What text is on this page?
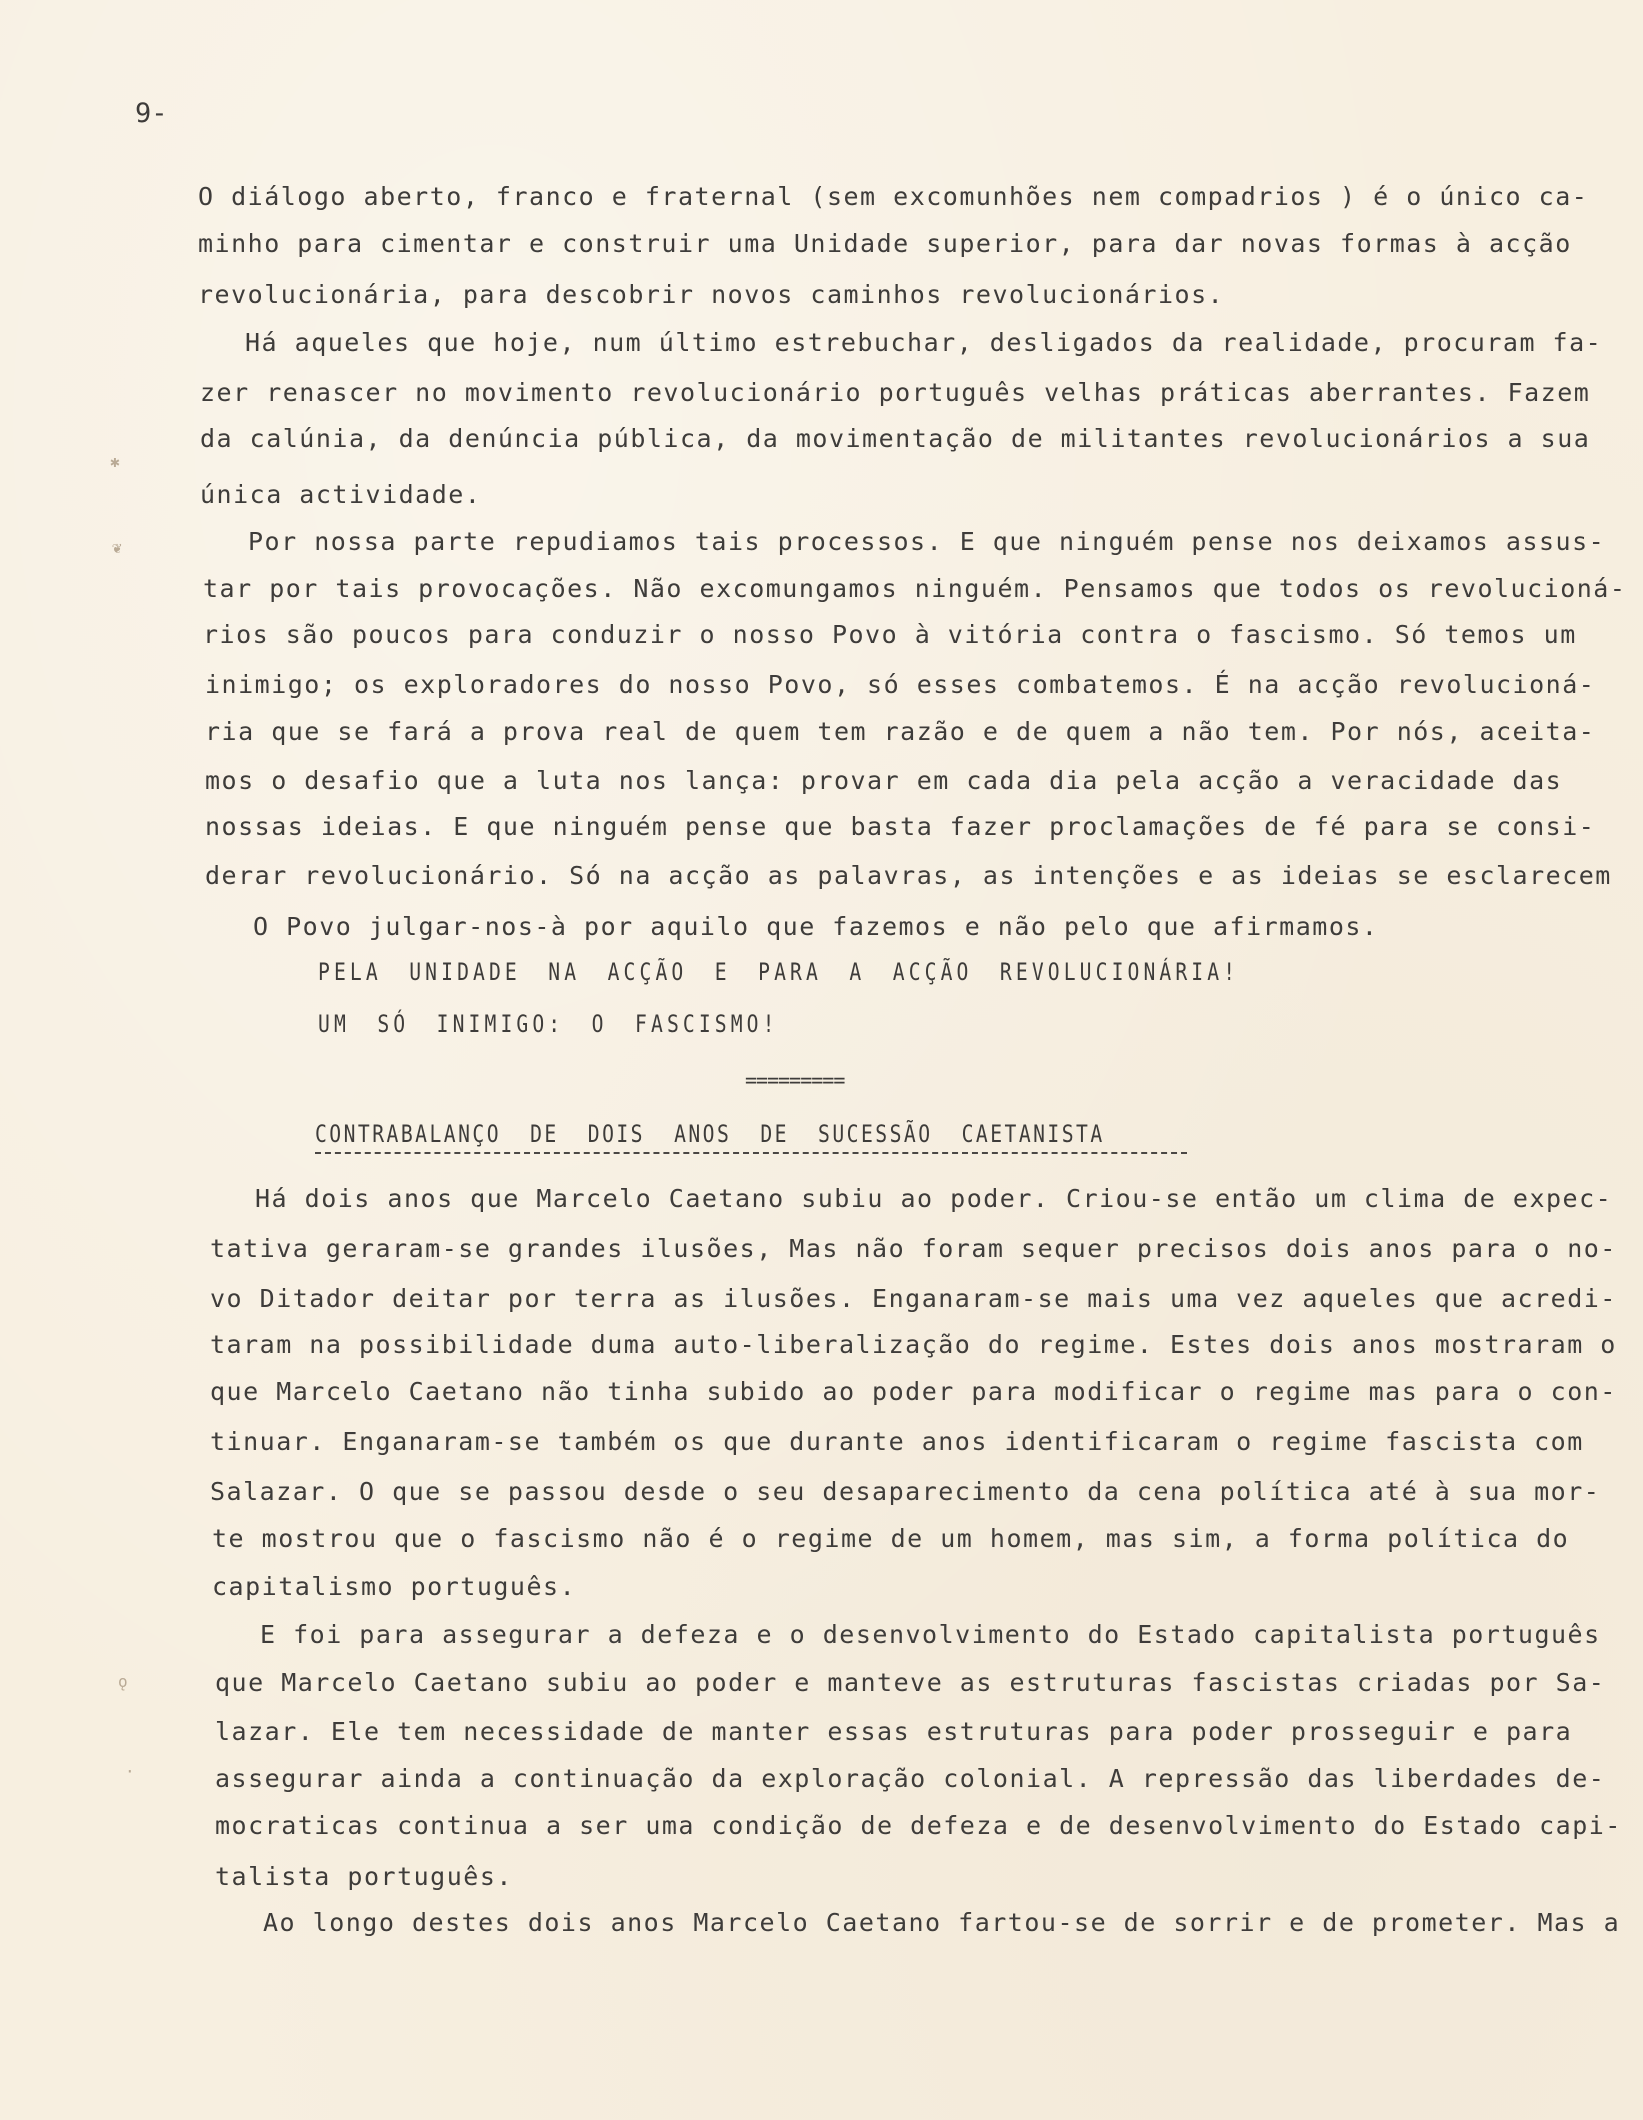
9-
O diálogo aberto, franco e fraternal (sem excomunhões nem compadrios ) é o único ca-
minho para cimentar e construir uma Unidade superior, para dar novas formas à acção
revolucionária, para descobrir novos caminhos revolucionários.
Há aqueles que hoje, num último estrebuchar, desligados da realidade, procuram fa-
zer renascer no movimento revolucionário português velhas práticas aberrantes. Fazem
da calúnia, da denúncia pública, da movimentação de militantes revolucionários a sua
única actividade.
Por nossa parte repudiamos tais processos. E que ninguém pense nos deixamos assus-
tar por tais provocações. Não excomungamos ninguém. Pensamos que todos os revolucioná-
rios são poucos para conduzir o nosso Povo à vitória contra o fascismo. Só temos um
inimigo; os exploradores do nosso Povo, só esses combatemos. É na acção revolucioná-
ria que se fará a prova real de quem tem razão e de quem a não tem. Por nós, aceita-
mos o desafio que a luta nos lança: provar em cada dia pela acção a veracidade das
nossas ideias. E que ninguém pense que basta fazer proclamações de fé para se consi-
derar revolucionário. Só na acção as palavras, as intenções e as ideias se esclarecem
O Povo julgar-nos-à por aquilo que fazemos e não pelo que afirmamos.
PELA UNIDADE NA ACÇÃO E PARA A ACÇÃO REVOLUCIONÁRIA!
UM SÓ INIMIGO: O FASCISMO!
=========
CONTRABALANÇO DE DOIS ANOS DE SUCESSÃO CAETANISTA
Há dois anos que Marcelo Caetano subiu ao poder. Criou-se então um clima de expec-
tativa geraram-se grandes ilusões, Mas não foram sequer precisos dois anos para o no-
vo Ditador deitar por terra as ilusões. Enganaram-se mais uma vez aqueles que acredi-
taram na possibilidade duma auto-liberalização do regime. Estes dois anos mostraram o
que Marcelo Caetano não tinha subido ao poder para modificar o regime mas para o con-
tinuar. Enganaram-se também os que durante anos identificaram o regime fascista com
Salazar. O que se passou desde o seu desaparecimento da cena política até à sua mor-
te mostrou que o fascismo não é o regime de um homem, mas sim, a forma política do
capitalismo português.
E foi para assegurar a defeza e o desenvolvimento do Estado capitalista português
que Marcelo Caetano subiu ao poder e manteve as estruturas fascistas criadas por Sa-
lazar. Ele tem necessidade de manter essas estruturas para poder prosseguir e para
assegurar ainda a continuação da exploração colonial. A repressão das liberdades de-
mocraticas continua a ser uma condição de defeza e de desenvolvimento do Estado capi-
talista português.
Ao longo destes dois anos Marcelo Caetano fartou-se de sorrir e de prometer. Mas a
✱
❦
ǫ
·
